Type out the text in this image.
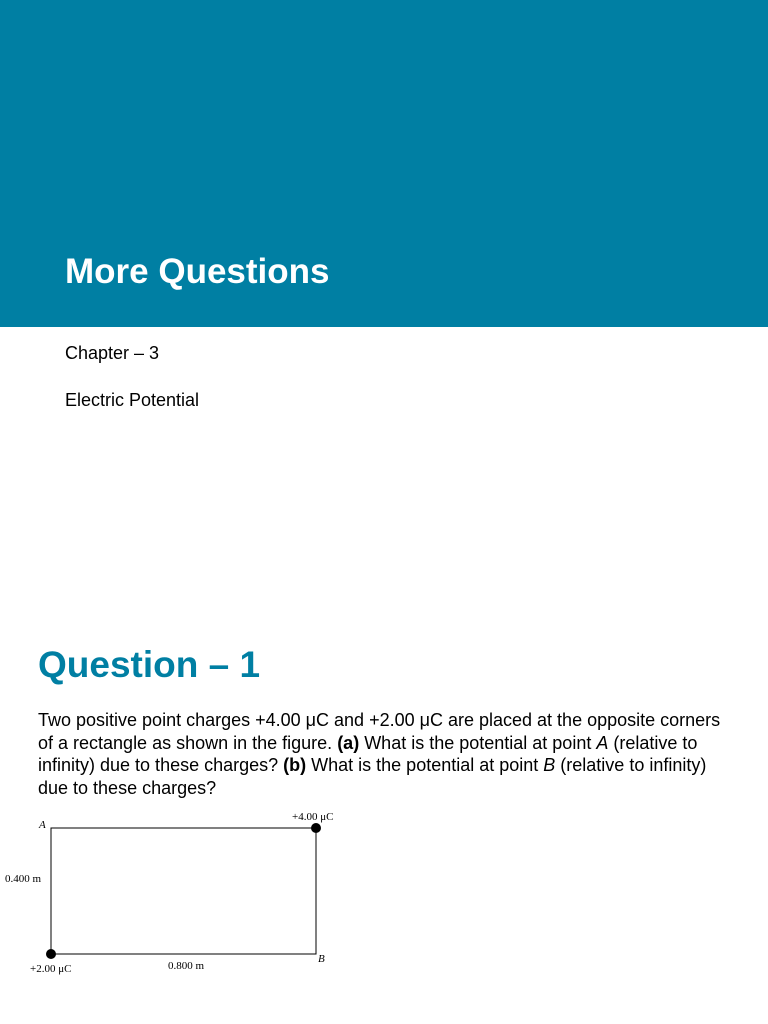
More Questions

Chapter – 3

Electric Potential

Question – 1

Two positive point charges +4.00 μC and +2.00 μC are placed at the opposite corners of a rectangle as shown in the figure. (a) What is the potential at point A (relative to infinity) due to these charges? (b) What is the potential at point B (relative to infinity) due to these charges?

A
B
+4.00 μC
+2.00 μC
0.400 m
0.800 m
